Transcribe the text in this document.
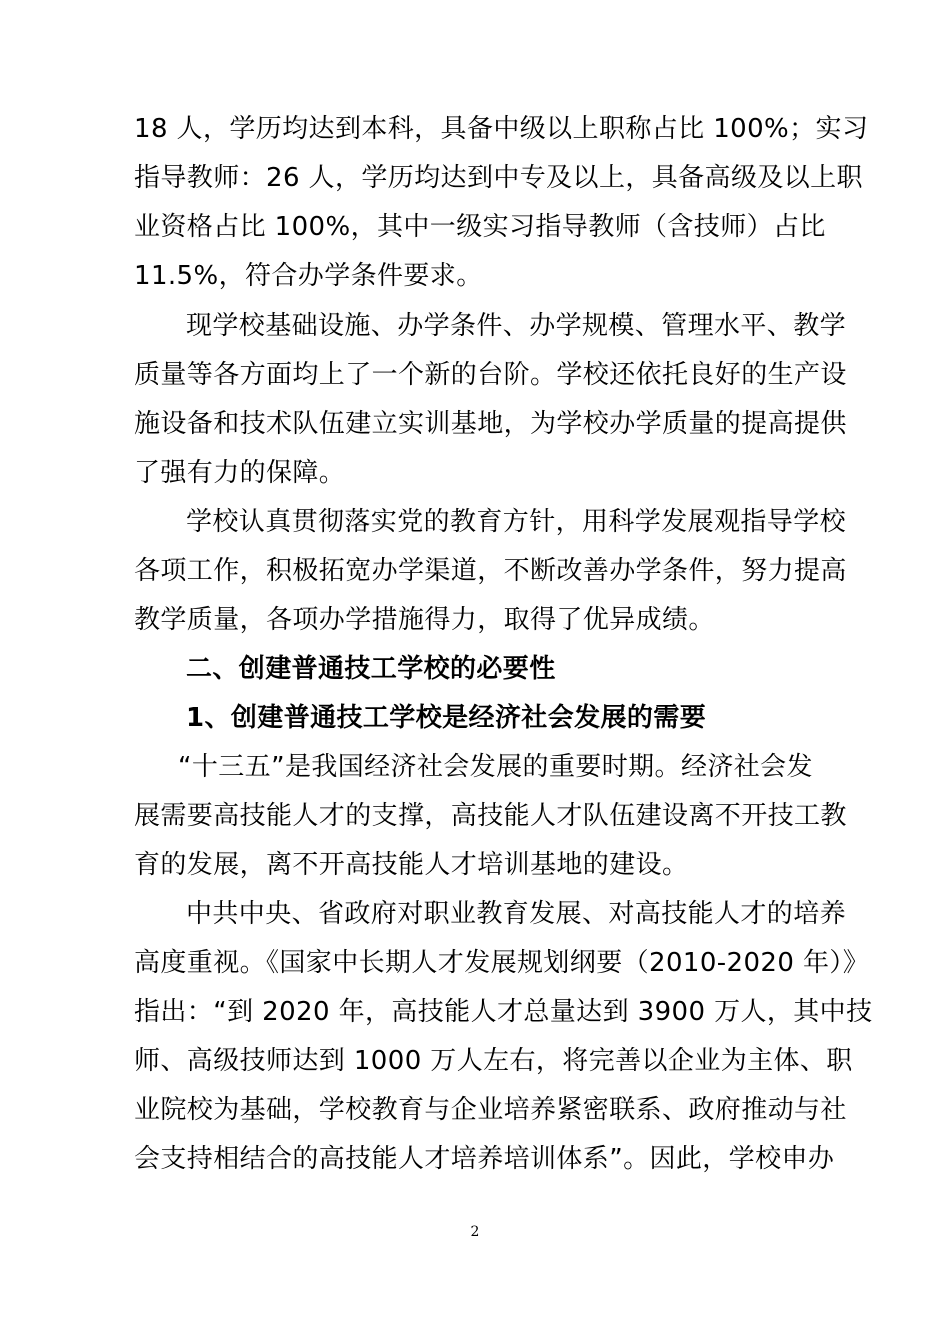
18 人，学历均达到本科，具备中级以上职称占比 100%；实习
指导教师：26 人，学历均达到中专及以上，具备高级及以上职
业资格占比 100%，其中一级实习指导教师（含技师）占比
11.5%，符合办学条件要求。
现学校基础设施、办学条件、办学规模、管理水平、教学
质量等各方面均上了一个新的台阶。学校还依托良好的生产设
施设备和技术队伍建立实训基地，为学校办学质量的提高提供
了强有力的保障。
学校认真贯彻落实党的教育方针，用科学发展观指导学校
各项工作，积极拓宽办学渠道，不断改善办学条件，努力提高
教学质量，各项办学措施得力，取得了优异成绩。
二、创建普通技工学校的必要性
1、创建普通技工学校是经济社会发展的需要
“十三五”是我国经济社会发展的重要时期。经济社会发
展需要高技能人才的支撑，高技能人才队伍建设离不开技工教
育的发展，离不开高技能人才培训基地的建设。
中共中央、省政府对职业教育发展、对高技能人才的培养
高度重视。《国家中长期人才发展规划纲要（2010-2020 年）》
指出：“到 2020 年，高技能人才总量达到 3900 万人，其中技
师、高级技师达到 1000 万人左右，将完善以企业为主体、职
业院校为基础，学校教育与企业培养紧密联系、政府推动与社
会支持相结合的高技能人才培养培训体系”。因此，学校申办
2
